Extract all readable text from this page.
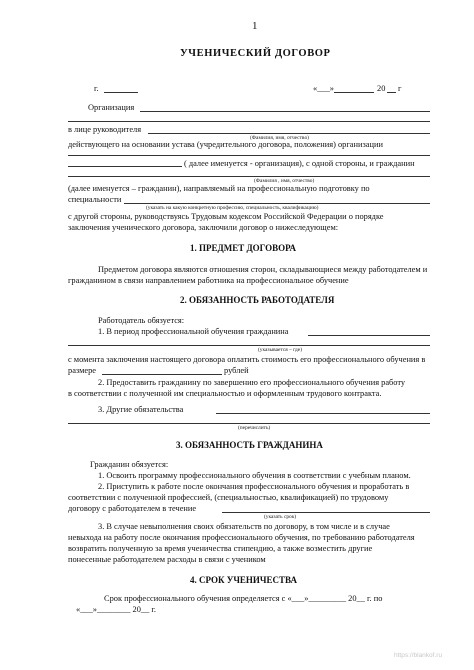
1
УЧЕНИЧЕСКИЙ ДОГОВОР
г.	«___»	20 г
Организация
в лице руководителя
(Фамилия, имя, отчество)
действующего на основании устава (учредительного договора, положения) организации
( далее именуется - организация), с одной стороны, и гражданин
(Фамилия , имя, отчество)
(далее именуется – гражданин), направляемый на профессиональную подготовку по
специальности
(указать на какую конкретную профессию, специальность, квалификацию)
с другой стороны, руководствуясь Трудовым кодексом Российской Федерации о порядке
заключения ученического договора, заключили договор о нижеследующем:
1. ПРЕДМЕТ ДОГОВОРА
Предметом договора являются отношения сторон, складывающиеся между работодателем и
гражданином в связи направлением работника на профессиональное обучение
2. ОБЯЗАННОСТЬ РАБОТОДАТЕЛЯ
Работодатель обязуется:
1. В период профессиональной обучения гражданина
(указывается – где)
с момента заключения настоящего договора оплатить стоимость его профессионального обучения в
размере	рублей
2. Предоставить гражданину по завершению его профессионального обучения работу
в соответствии с полученной им специальностью и оформленным трудового контракта.
3. Другие обязательства
(перечислить)
3. ОБЯЗАННОСТЬ ГРАЖДАНИНА
Гражданин обязуется:
1. Освоить программу профессионального обучения в соответствии с учебным планом.
2. Приступить к работе после окончания профессионального обучения и проработать в
соответствии с полученной профессией, (специальностью, квалификацией) по трудовому
договору с работодателем в течение
(указать срок)
3. В случае невыполнения своих обязательств по договору, в том числе и в случае
невыхода на работу после окончания профессионального обучения, по требованию работодателя
возвратить полученную за время ученичества стипендию, а также возместить другие
понесенные работодателем расходы в связи с учеником
4. СРОК УЧЕНИЧЕСТВА
Срок профессионального обучения определяется с «___»_________ 20__ г. по
«___»________ 20__ г.
https://blankof.ru
